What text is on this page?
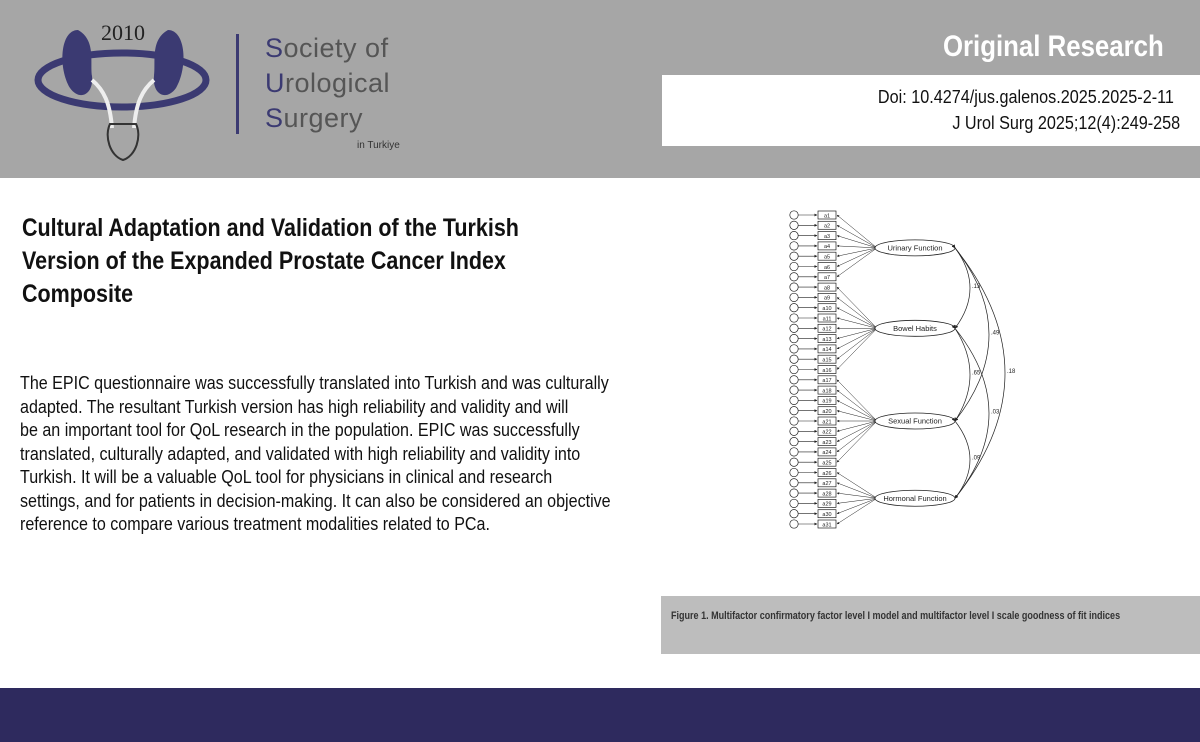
2010
Society of
Urological
Surgery
in Turkiye
Original Research
Doi: 10.4274/jus.galenos.2025.2025-2-11
J Urol Surg 2025;12(4):249-258
Cultural Adaptation and Validation of the Turkish
Version of the Expanded Prostate Cancer Index
Composite
The EPIC questionnaire was successfully translated into Turkish and was culturally
adapted. The resultant Turkish version has high reliability and validity and will
be an important tool for QoL research in the population. EPIC was successfully
translated, culturally adapted, and validated with high reliability and validity into
Turkish. It will be a valuable QoL tool for physicians in clinical and research
settings, and for patients in decision-making. It can also be considered an objective
reference to compare various treatment modalities related to PCa.
a1
a2
a3
a4
a5
a6
a7
a8
a9
a10
a11
a12
a13
a14
a15
a16
a17
a18
a19
a20
a21
a22
a23
a24
a25
a26
a27
a28
a29
a30
a31
Urinary Function
Bowel Habits
Sexual Function
Hormonal Function
.13
.49
.18
.65
.03
.09
Figure 1. Multifactor confirmatory factor level I model and multifactor level I scale goodness of fit indices
